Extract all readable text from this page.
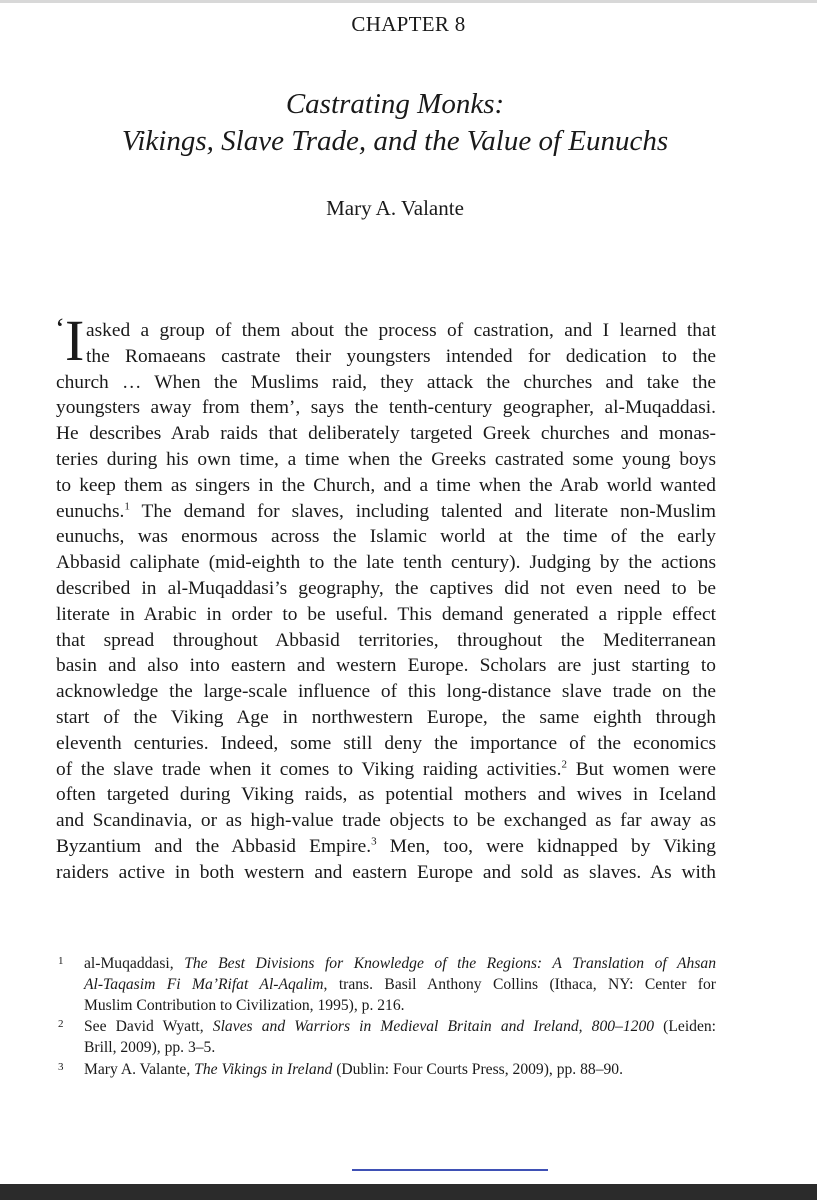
CHAPTER 8
Castrating Monks:
Vikings, Slave Trade, and the Value of Eunuchs
Mary A. Valante
‘ I asked a group of them about the process of castration, and I learned that
the Romaeans castrate their youngsters intended for dedication to the
church … When the Muslims raid, they attack the churches and take the
youngsters away from them’, says the tenth-century geographer, al-Muqaddasi.
He describes Arab raids that deliberately targeted Greek churches and monas-
teries during his own time, a time when the Greeks castrated some young boys
to keep them as singers in the Church, and a time when the Arab world wanted
eunuchs.$^1$ The demand for slaves, including talented and literate non-Muslim
eunuchs, was enormous across the Islamic world at the time of the early
Abbasid caliphate (mid-eighth to the late tenth century). Judging by the actions
described in al-Muqaddasi’s geography, the captives did not even need to be
literate in Arabic in order to be useful. This demand generated a ripple effect
that spread throughout Abbasid territories, throughout the Mediterranean
basin and also into eastern and western Europe. Scholars are just starting to
acknowledge the large-scale influence of this long-distance slave trade on the
start of the Viking Age in northwestern Europe, the same eighth through
eleventh centuries. Indeed, some still deny the importance of the economics
of the slave trade when it comes to Viking raiding activities.$^2$ But women were
often targeted during Viking raids, as potential mothers and wives in Iceland
and Scandinavia, or as high-value trade objects to be exchanged as far away as
Byzantium and the Abbasid Empire.$^3$ Men, too, were kidnapped by Viking
raiders active in both western and eastern Europe and sold as slaves. As with
1 al-Muqaddasi, The Best Divisions for Knowledge of the Regions: A Translation of Ahsan
Al-Taqasim Fi Ma’Rifat Al-Aqalim, trans. Basil Anthony Collins (Ithaca, NY: Center for
Muslim Contribution to Civilization, 1995), p. 216.
2 See David Wyatt, Slaves and Warriors in Medieval Britain and Ireland, 800–1200 (Leiden:
Brill, 2009), pp. 3–5.
3 Mary A. Valante, The Vikings in Ireland (Dublin: Four Courts Press, 2009), pp. 88–90.
